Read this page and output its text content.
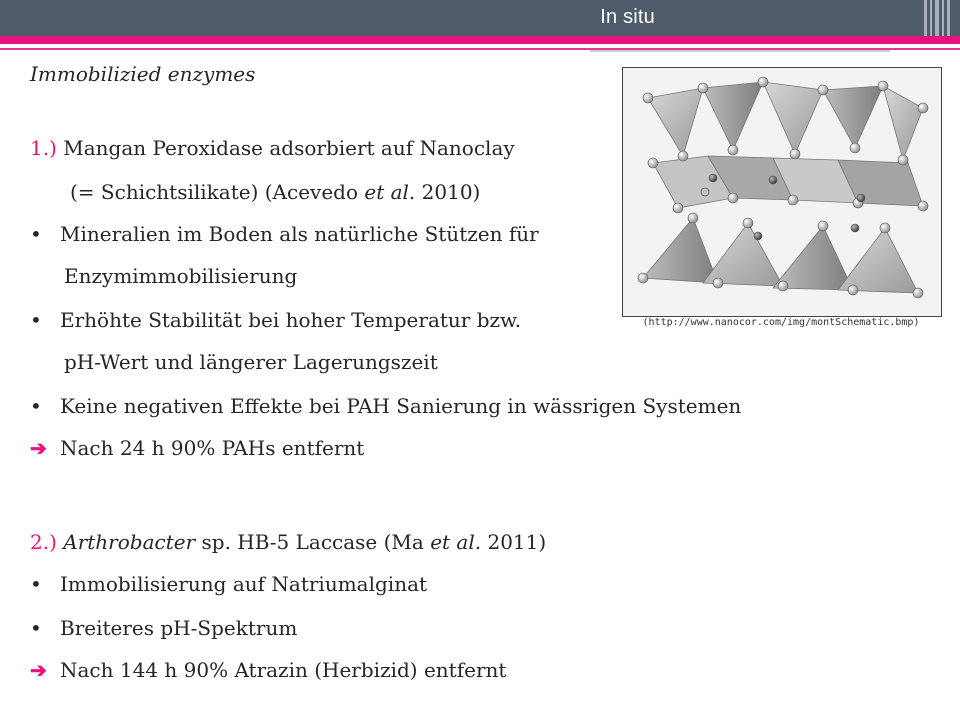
In situ
Immobilizied enzymes
1.) Mangan Peroxidase adsorbiert auf Nanoclay
(= Schichtsilikate) (Acevedo et al. 2010)
• Mineralien im Boden als natürliche Stützen für
Enzymimmobilisierung
• Erhöhte Stabilität bei hoher Temperatur bzw.
pH-Wert und längerer Lagerungszeit
• Keine negativen Effekte bei PAH Sanierung in wässrigen Systemen
➔ Nach 24 h 90% PAHs entfernt
2.) Arthrobacter sp. HB-5 Laccase (Ma et al. 2011)
• Immobilisierung auf Natriumalginat
• Breiteres pH-Spektrum
➔ Nach 144 h 90% Atrazin (Herbizid) entfernt
(http://www.nanocor.com/img/montSchematic.bmp)
